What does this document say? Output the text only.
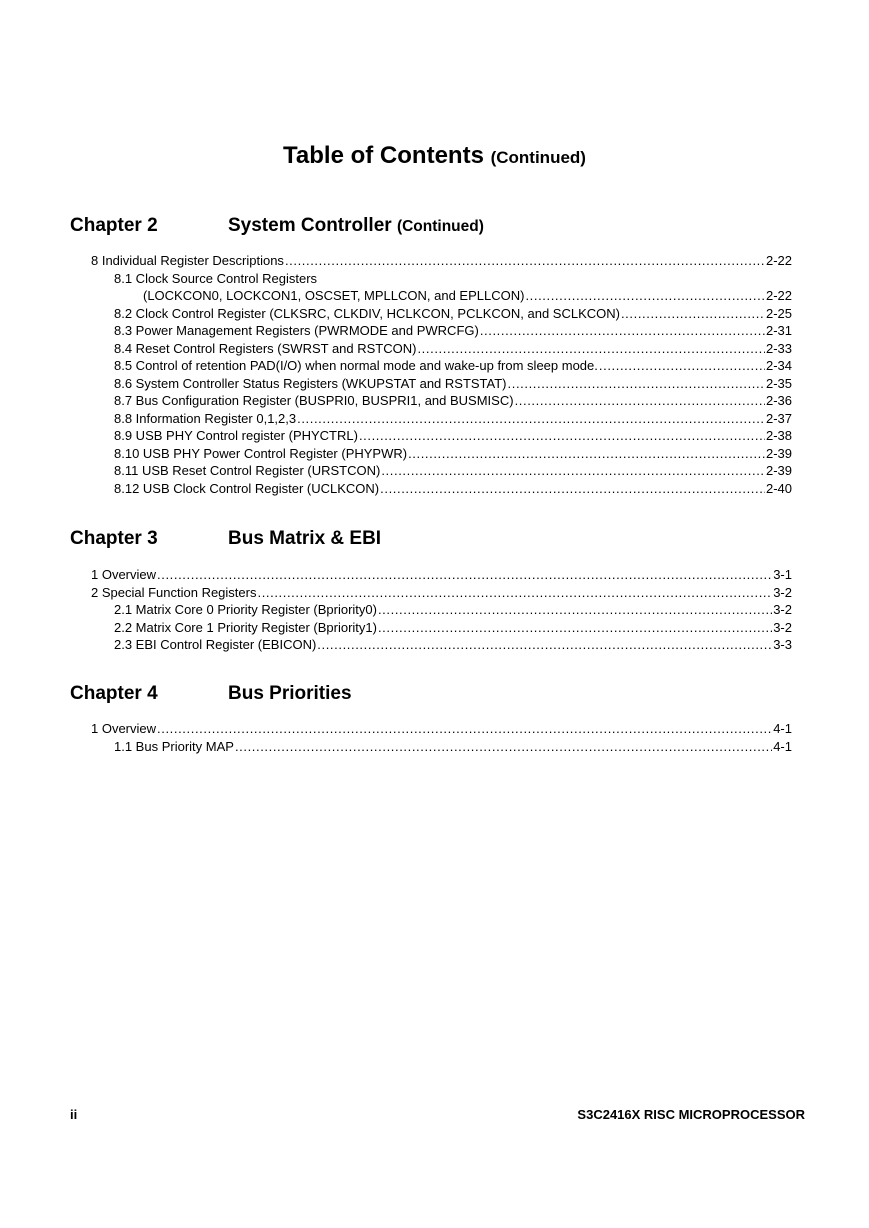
Table of Contents (Continued)
Chapter 2	System Controller (Continued)
8 Individual Register Descriptions .....	2-22
8.1 Clock Source Control Registers
(LOCKCON0, LOCKCON1, OSCSET, MPLLCON, and EPLLCON) .....	2-22
8.2 Clock Control Register (CLKSRC, CLKDIV, HCLKCON, PCLKCON, and SCLKCON) .....	2-25
8.3 Power Management Registers (PWRMODE and PWRCFG) .....	2-31
8.4 Reset Control Registers (SWRST and RSTCON) .....	2-33
8.5 Control of retention PAD(I/O) when normal mode and wake-up from sleep mode. .....	2-34
8.6 System Controller Status Registers (WKUPSTAT and RSTSTAT) .....	2-35
8.7 Bus Configuration Register (BUSPRI0, BUSPRI1, and BUSMISC) .....	2-36
8.8 Information Register 0,1,2,3 .....	2-37
8.9 USB PHY Control register (PHYCTRL) .....	2-38
8.10 USB PHY Power Control Register (PHYPWR) .....	2-39
8.11 USB Reset Control Register (URSTCON) .....	2-39
8.12 USB Clock Control Register (UCLKCON) .....	2-40
Chapter 3	Bus Matrix & EBI
1 Overview .....	3-1
2 Special Function Registers .....	3-2
2.1 Matrix Core 0 Priority Register (Bpriority0) .....	3-2
2.2 Matrix Core 1 Priority Register (Bpriority1) .....	3-2
2.3 EBI Control Register (EBICON) .....	3-3
Chapter 4	Bus Priorities
1 Overview .....	4-1
1.1 Bus Priority MAP .....	4-1
ii	S3C2416X RISC MICROPROCESSOR
